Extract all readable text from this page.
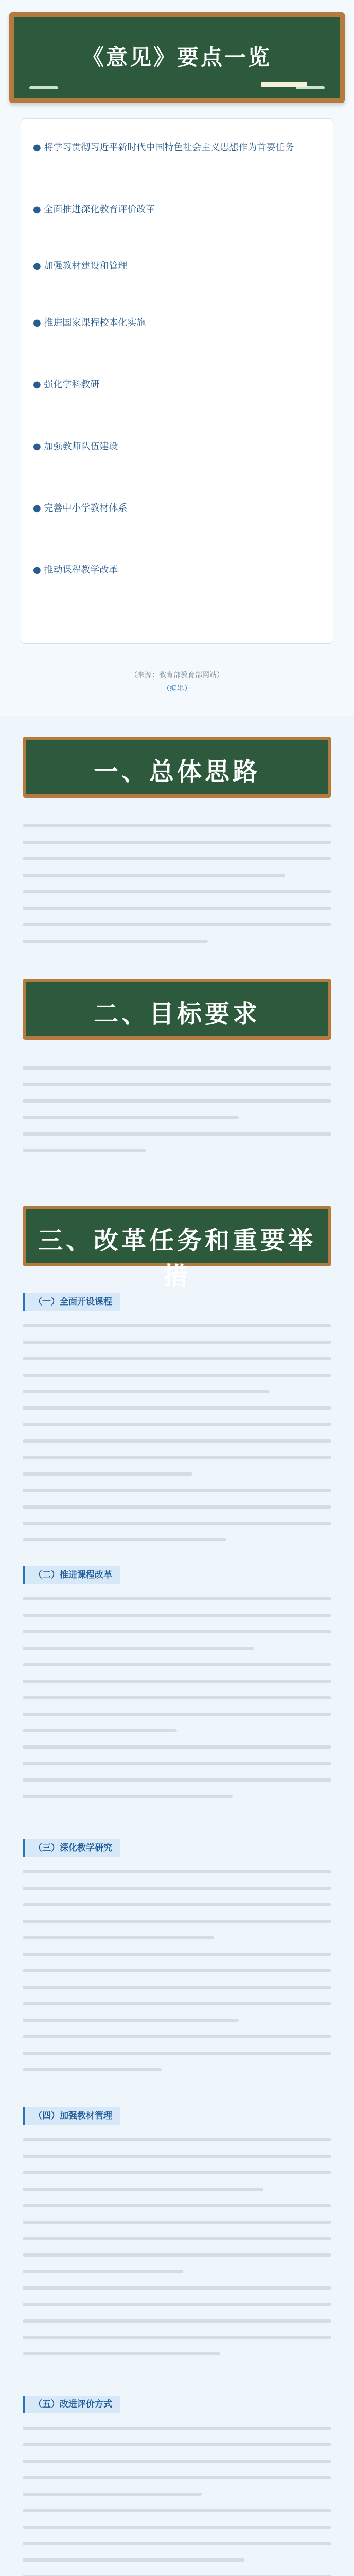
《意见》要点一览
● 将学习贯彻习近平新时代中国特色社会主义思想作为首要任务
● 全面推进深化教育评价改革
● 加强教材建设和管理
● 推进国家课程校本化实施
● 强化学科教研
● 加强教师队伍建设
● 完善中小学教材体系
● 推动课程教学改革
（来源：教育部教育部网站）
（编辑）
一、总体思路
二、目标要求
三、改革任务和重要举措
（一）全面开设课程
（二）推进课程改革
（三）深化教学研究
（四）加强教材管理
（五）改进评价方式
